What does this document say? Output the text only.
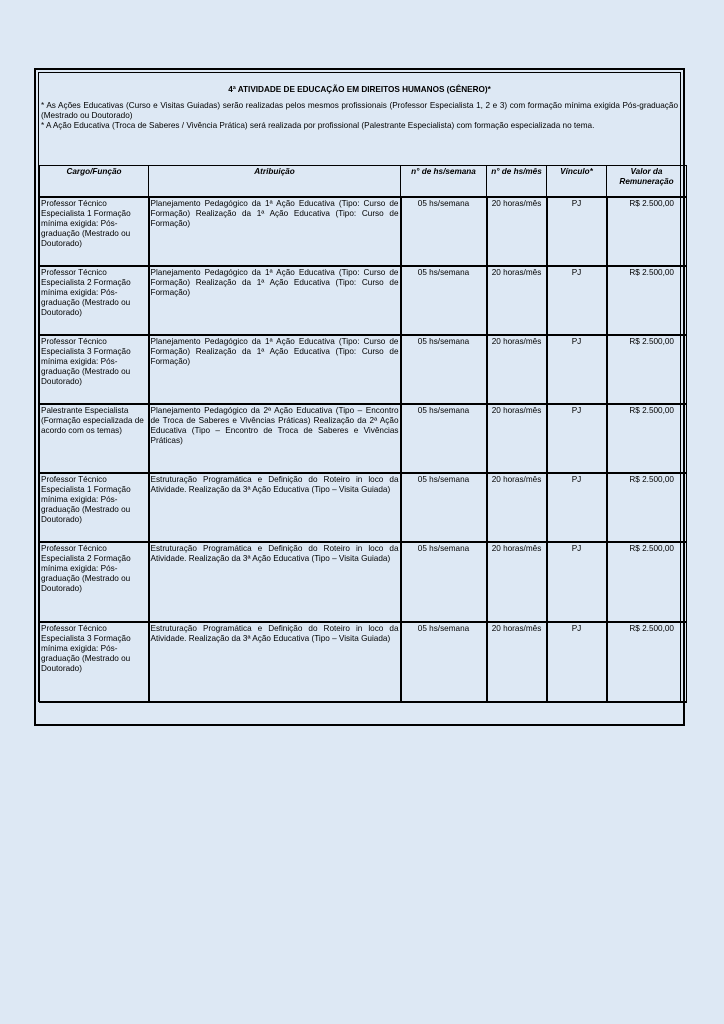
4ª ATIVIDADE DE EDUCAÇÃO EM DIREITOS HUMANOS (GÊNERO)*

* As Ações Educativas (Curso e Visitas Guiadas) serão realizadas pelos mesmos profissionais (Professor Especialista 1, 2 e 3) com formação mínima exigida Pós-graduação (Mestrado ou Doutorado)

* A Ação Educativa (Troca de Saberes / Vivência Prática) será realizada por profissional (Palestrante Especialista) com formação especializada no tema.

Cargo/Função	Atribuição	n° de hs/semana	n° de hs/mês	Vínculo*	Valor da Remuneração
Professor Técnico Especialista 1 Formação mínima exigida: Pós-graduação (Mestrado ou Doutorado)	Planejamento Pedagógico da 1ª Ação Educativa (Tipo: Curso de Formação) Realização da 1ª Ação Educativa (Tipo: Curso de Formação)	05 hs/semana	20 horas/mês	PJ	R$ 2.500,00
Professor Técnico Especialista 2 Formação mínima exigida: Pós-graduação (Mestrado ou Doutorado)	Planejamento Pedagógico da 1ª Ação Educativa (Tipo: Curso de Formação) Realização da 1ª Ação Educativa (Tipo: Curso de Formação)	05 hs/semana	20 horas/mês	PJ	R$ 2.500,00
Professor Técnico Especialista 3 Formação mínima exigida: Pós-graduação (Mestrado ou Doutorado)	Planejamento Pedagógico da 1ª Ação Educativa (Tipo: Curso de Formação) Realização da 1ª Ação Educativa (Tipo: Curso de Formação)	05 hs/semana	20 horas/mês	PJ	R$ 2.500,00
Palestrante Especialista (Formação especializada de acordo com os temas)	Planejamento Pedagógico da 2ª Ação Educativa (Tipo – Encontro de Troca de Saberes e Vivências Práticas) Realização da 2ª Ação Educativa (Tipo – Encontro de Troca de Saberes e Vivências Práticas)	05 hs/semana	20 horas/mês	PJ	R$ 2.500,00
Professor Técnico Especialista 1 Formação mínima exigida: Pós-graduação (Mestrado ou Doutorado)	Estruturação Programática e Definição do Roteiro in loco da Atividade. Realização da 3ª Ação Educativa (Tipo – Visita Guiada)	05 hs/semana	20 horas/mês	PJ	R$ 2.500,00
Professor Técnico Especialista 2 Formação mínima exigida: Pós-graduação (Mestrado ou Doutorado)	Estruturação Programática e Definição do Roteiro in loco da Atividade. Realização da 3ª Ação Educativa (Tipo – Visita Guiada)	05 hs/semana	20 horas/mês	PJ	R$ 2.500,00
Professor Técnico Especialista 3 Formação mínima exigida: Pós-graduação (Mestrado ou Doutorado)	Estruturação Programática e Definição do Roteiro in loco da Atividade. Realização da 3ª Ação Educativa (Tipo – Visita Guiada)	05 hs/semana	20 horas/mês	PJ	R$ 2.500,00
